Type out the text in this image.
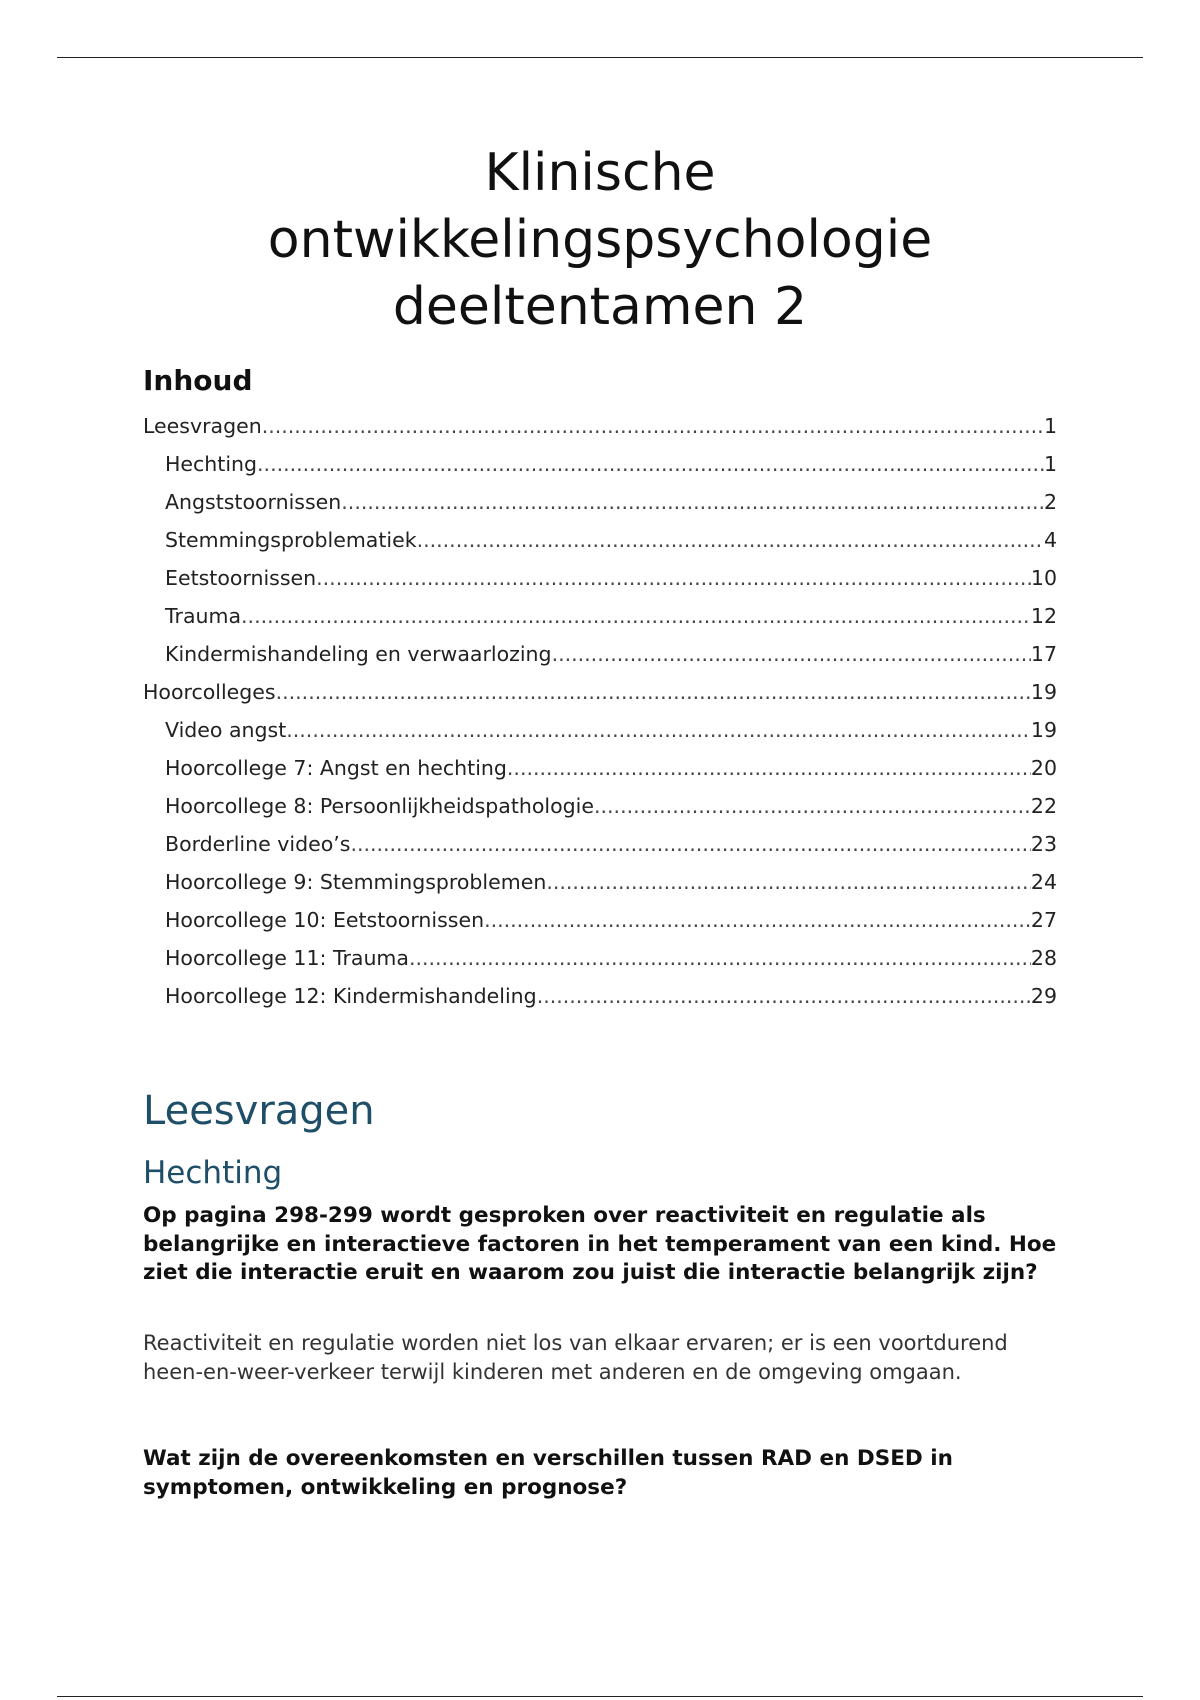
Klinische
ontwikkelingspsychologie
deeltentamen 2
Inhoud
Leesvragen .....	1
Hechting .....	1
Angststoornissen .....	2
Stemmingsproblematiek .....	4
Eetstoornissen .....	10
Trauma .....	12
Kindermishandeling en verwaarlozing .....	17
Hoorcolleges .....	19
Video angst .....	19
Hoorcollege 7: Angst en hechting .....	20
Hoorcollege 8: Persoonlijkheidspathologie .....	22
Borderline video’s .....	23
Hoorcollege 9: Stemmingsproblemen .....	24
Hoorcollege 10: Eetstoornissen .....	27
Hoorcollege 11: Trauma .....	28
Hoorcollege 12: Kindermishandeling .....	29
Leesvragen
Hechting

Op pagina 298-299 wordt gesproken over reactiviteit en regulatie als belangrijke en interactieve factoren in het temperament van een kind. Hoe ziet die interactie eruit en waarom zou juist die interactie belangrijk zijn?

Reactiviteit en regulatie worden niet los van elkaar ervaren; er is een voortdurend heen-en-weer-verkeer terwijl kinderen met anderen en de omgeving omgaan.

Wat zijn de overeenkomsten en verschillen tussen RAD en DSED in symptomen, ontwikkeling en prognose?
